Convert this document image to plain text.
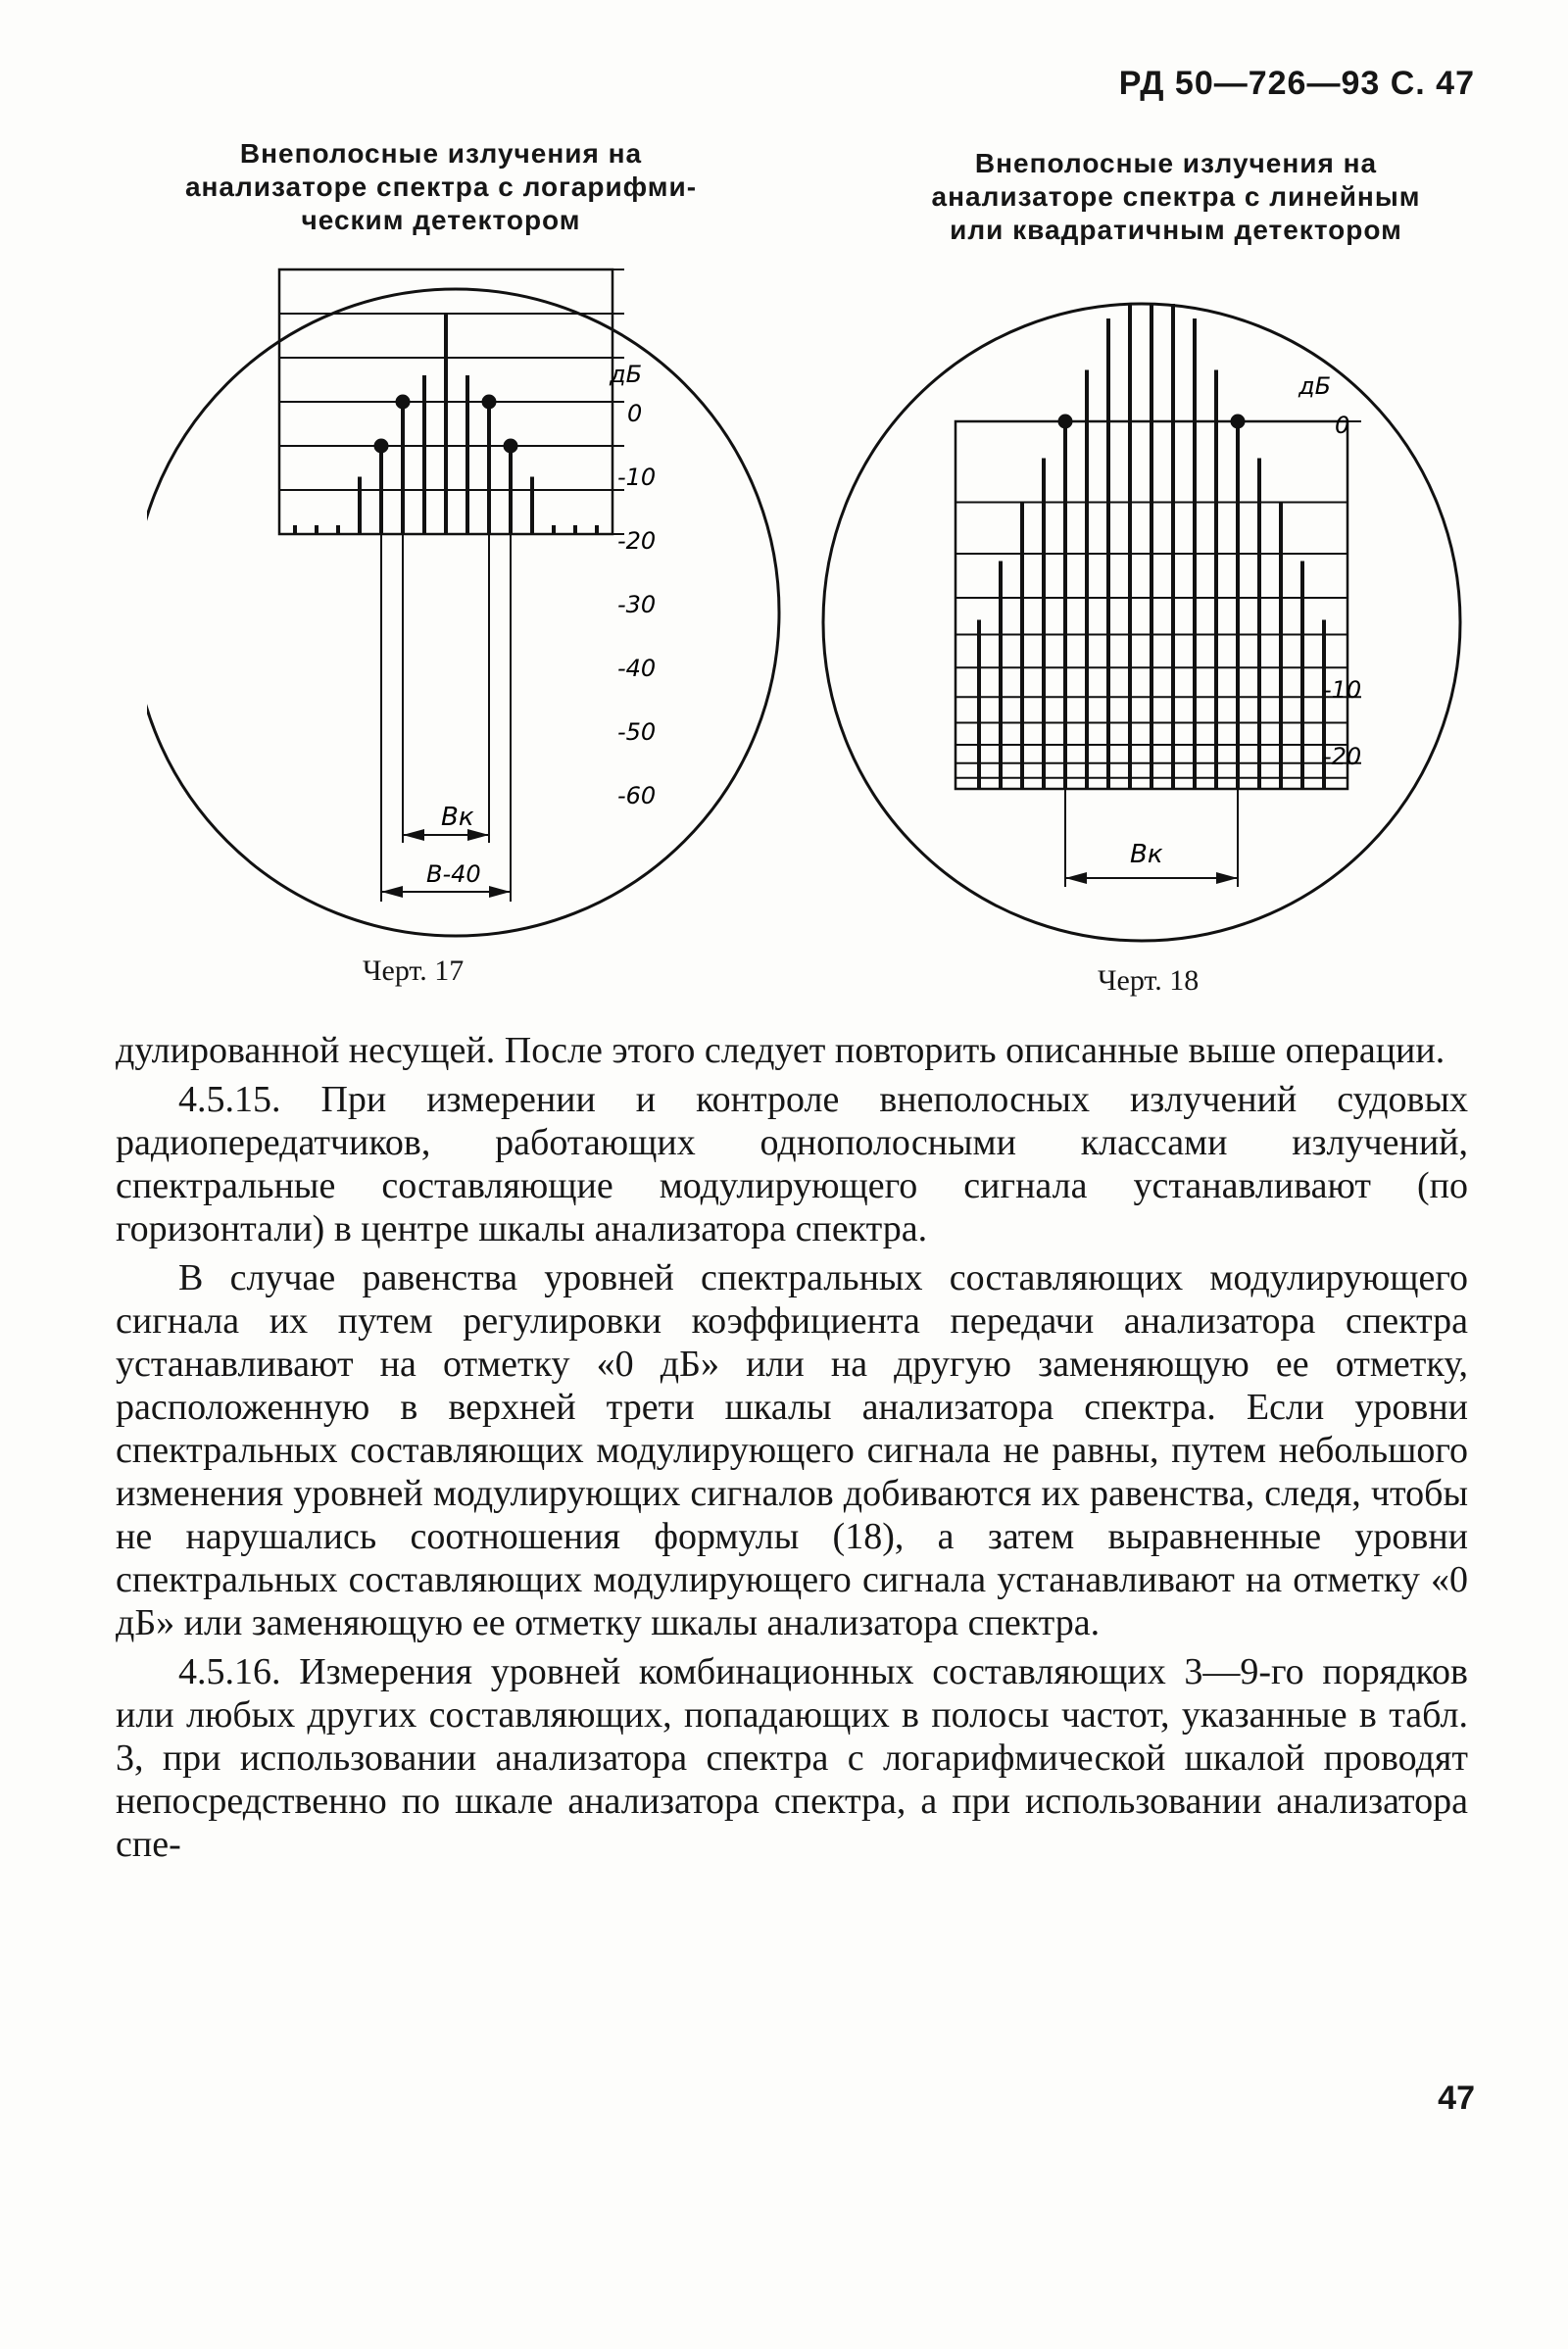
РД 50—726—93 С. 47
Внеполосные излучения на
анализаторе спектра с логарифми-
ческим детектором
Внеполосные излучения на
анализаторе спектра с линейным
или квадратичным детектором
дБ
0
-10
-20
-30
-40
-50
-60
Вк
В-40
дБ
0
-10
-20
Вк
Черт. 17	Черт. 18

дулированной несущей. После этого следует повторить описанные выше операции.

4.5.15. При измерении и контроле внеполосных излучений судовых радиопередатчиков, работающих однополосными классами излучений, спектральные составляющие модулирующего сигнала устанавливают (по горизонтали) в центре шкалы анализатора спектра.

В случае равенства уровней спектральных составляющих модулирующего сигнала их путем регулировки коэффициента передачи анализатора спектра устанавливают на отметку «0 дБ» или на другую заменяющую ее отметку, расположенную в верхней трети шкалы анализатора спектра. Если уровни спектральных составляющих модулирующего сигнала не равны, путем небольшого изменения уровней модулирующих сигналов добиваются их равенства, следя, чтобы не нарушались соотношения формулы (18), а затем выравненные уровни спектральных составляющих модулирующего сигнала устанавливают на отметку «0 дБ» или заменяющую ее отметку шкалы анализатора спектра.

4.5.16. Измерения уровней комбинационных составляющих 3—9-го порядков или любых других составляющих, попадающих в полосы частот, указанные в табл. 3, при использовании анализатора спектра с логарифмической шкалой проводят непосредственно по шкале анализатора спектра, а при использовании анализатора спе-

47
